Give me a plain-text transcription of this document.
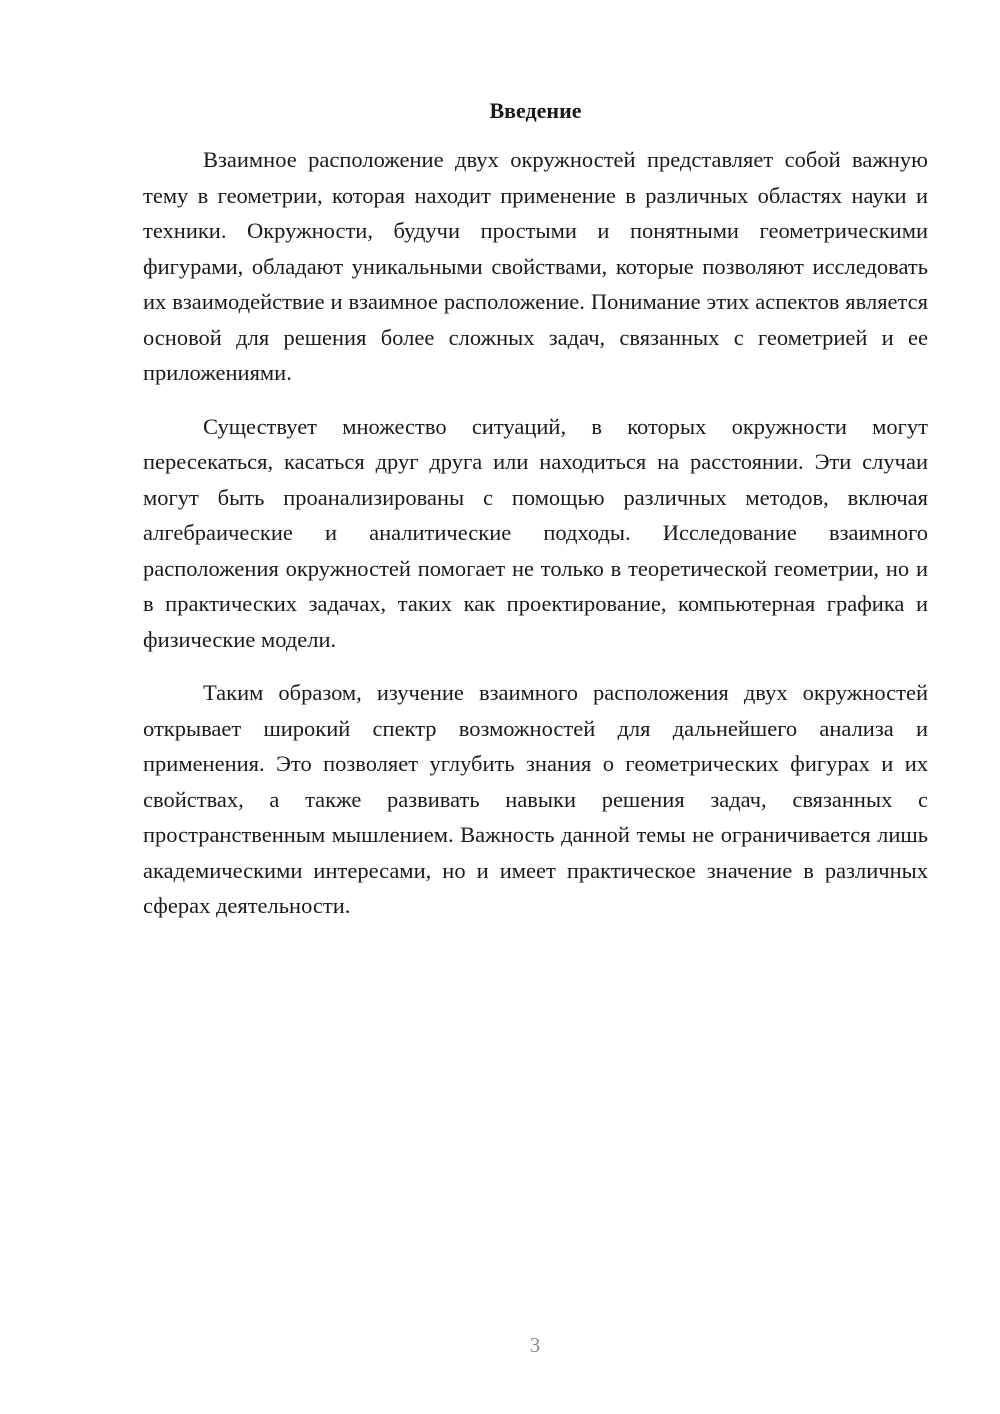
Введение

Взаимное расположение двух окружностей представляет собой важную тему в геометрии, которая находит применение в различных областях науки и техники. Окружности, будучи простыми и понятными геометрическими фигурами, обладают уникальными свойствами, которые позволяют исследовать их взаимодействие и взаимное расположение. Понимание этих аспектов является основой для решения более сложных задач, связанных с геометрией и ее приложениями.

Существует множество ситуаций, в которых окружности могут пересекаться, касаться друг друга или находиться на расстоянии. Эти случаи могут быть проанализированы с помощью различных методов, включая алгебраические и аналитические подходы. Исследование взаимного расположения окружностей помогает не только в теоретической геометрии, но и в практических задачах, таких как проектирование, компьютерная графика и физические модели.

Таким образом, изучение взаимного расположения двух окружностей открывает широкий спектр возможностей для дальнейшего анализа и применения. Это позволяет углубить знания о геометрических фигурах и их свойствах, а также развивать навыки решения задач, связанных с пространственным мышлением. Важность данной темы не ограничивается лишь академическими интересами, но и имеет практическое значение в различных сферах деятельности.

3
